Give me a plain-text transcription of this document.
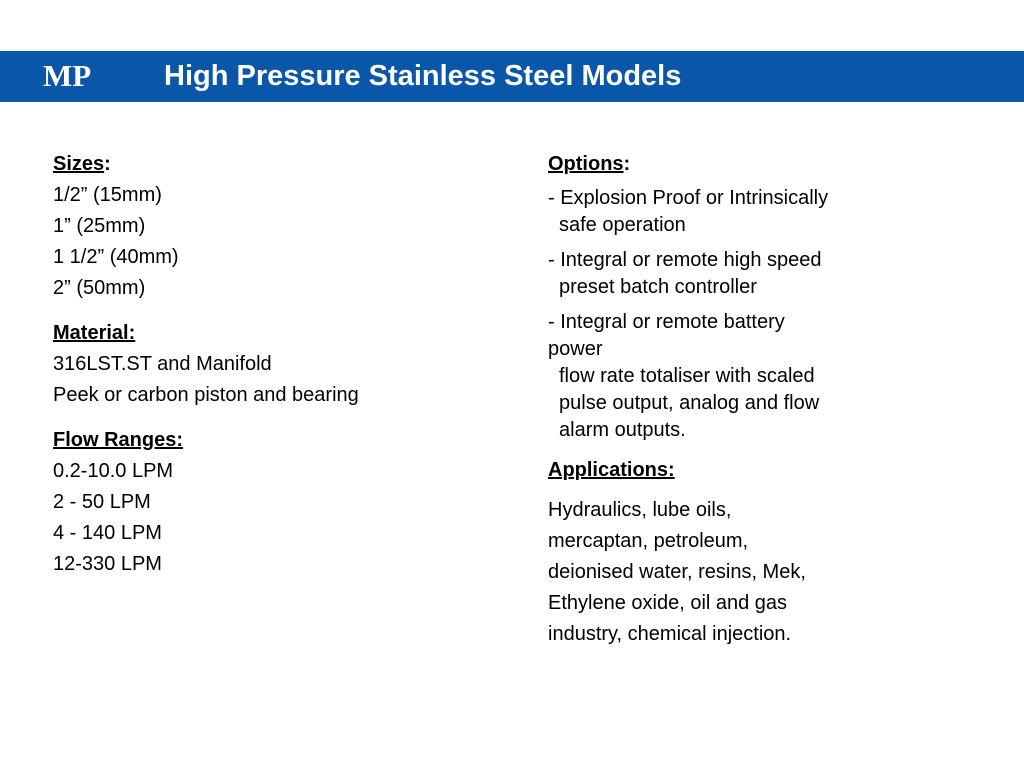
MP	High Pressure Stainless Steel Models

Sizes:

1/2” (15mm)

1” (25mm)

1 1/2” (40mm)

2” (50mm)

Material:

316LST.ST and Manifold

Peek or carbon piston and bearing

Flow Ranges:

0.2-10.0 LPM

2 - 50 LPM

4 - 140 LPM

12-330 LPM

Options:

- Explosion Proof or Intrinsically
safe operation

- Integral or remote high speed
preset batch controller

- Integral or remote battery
power
flow rate totaliser with scaled
pulse output, analog and flow
alarm outputs.

Applications:

Hydraulics, lube oils,
mercaptan, petroleum,
deionised water, resins, Mek,
Ethylene oxide, oil and gas
industry, chemical injection.
